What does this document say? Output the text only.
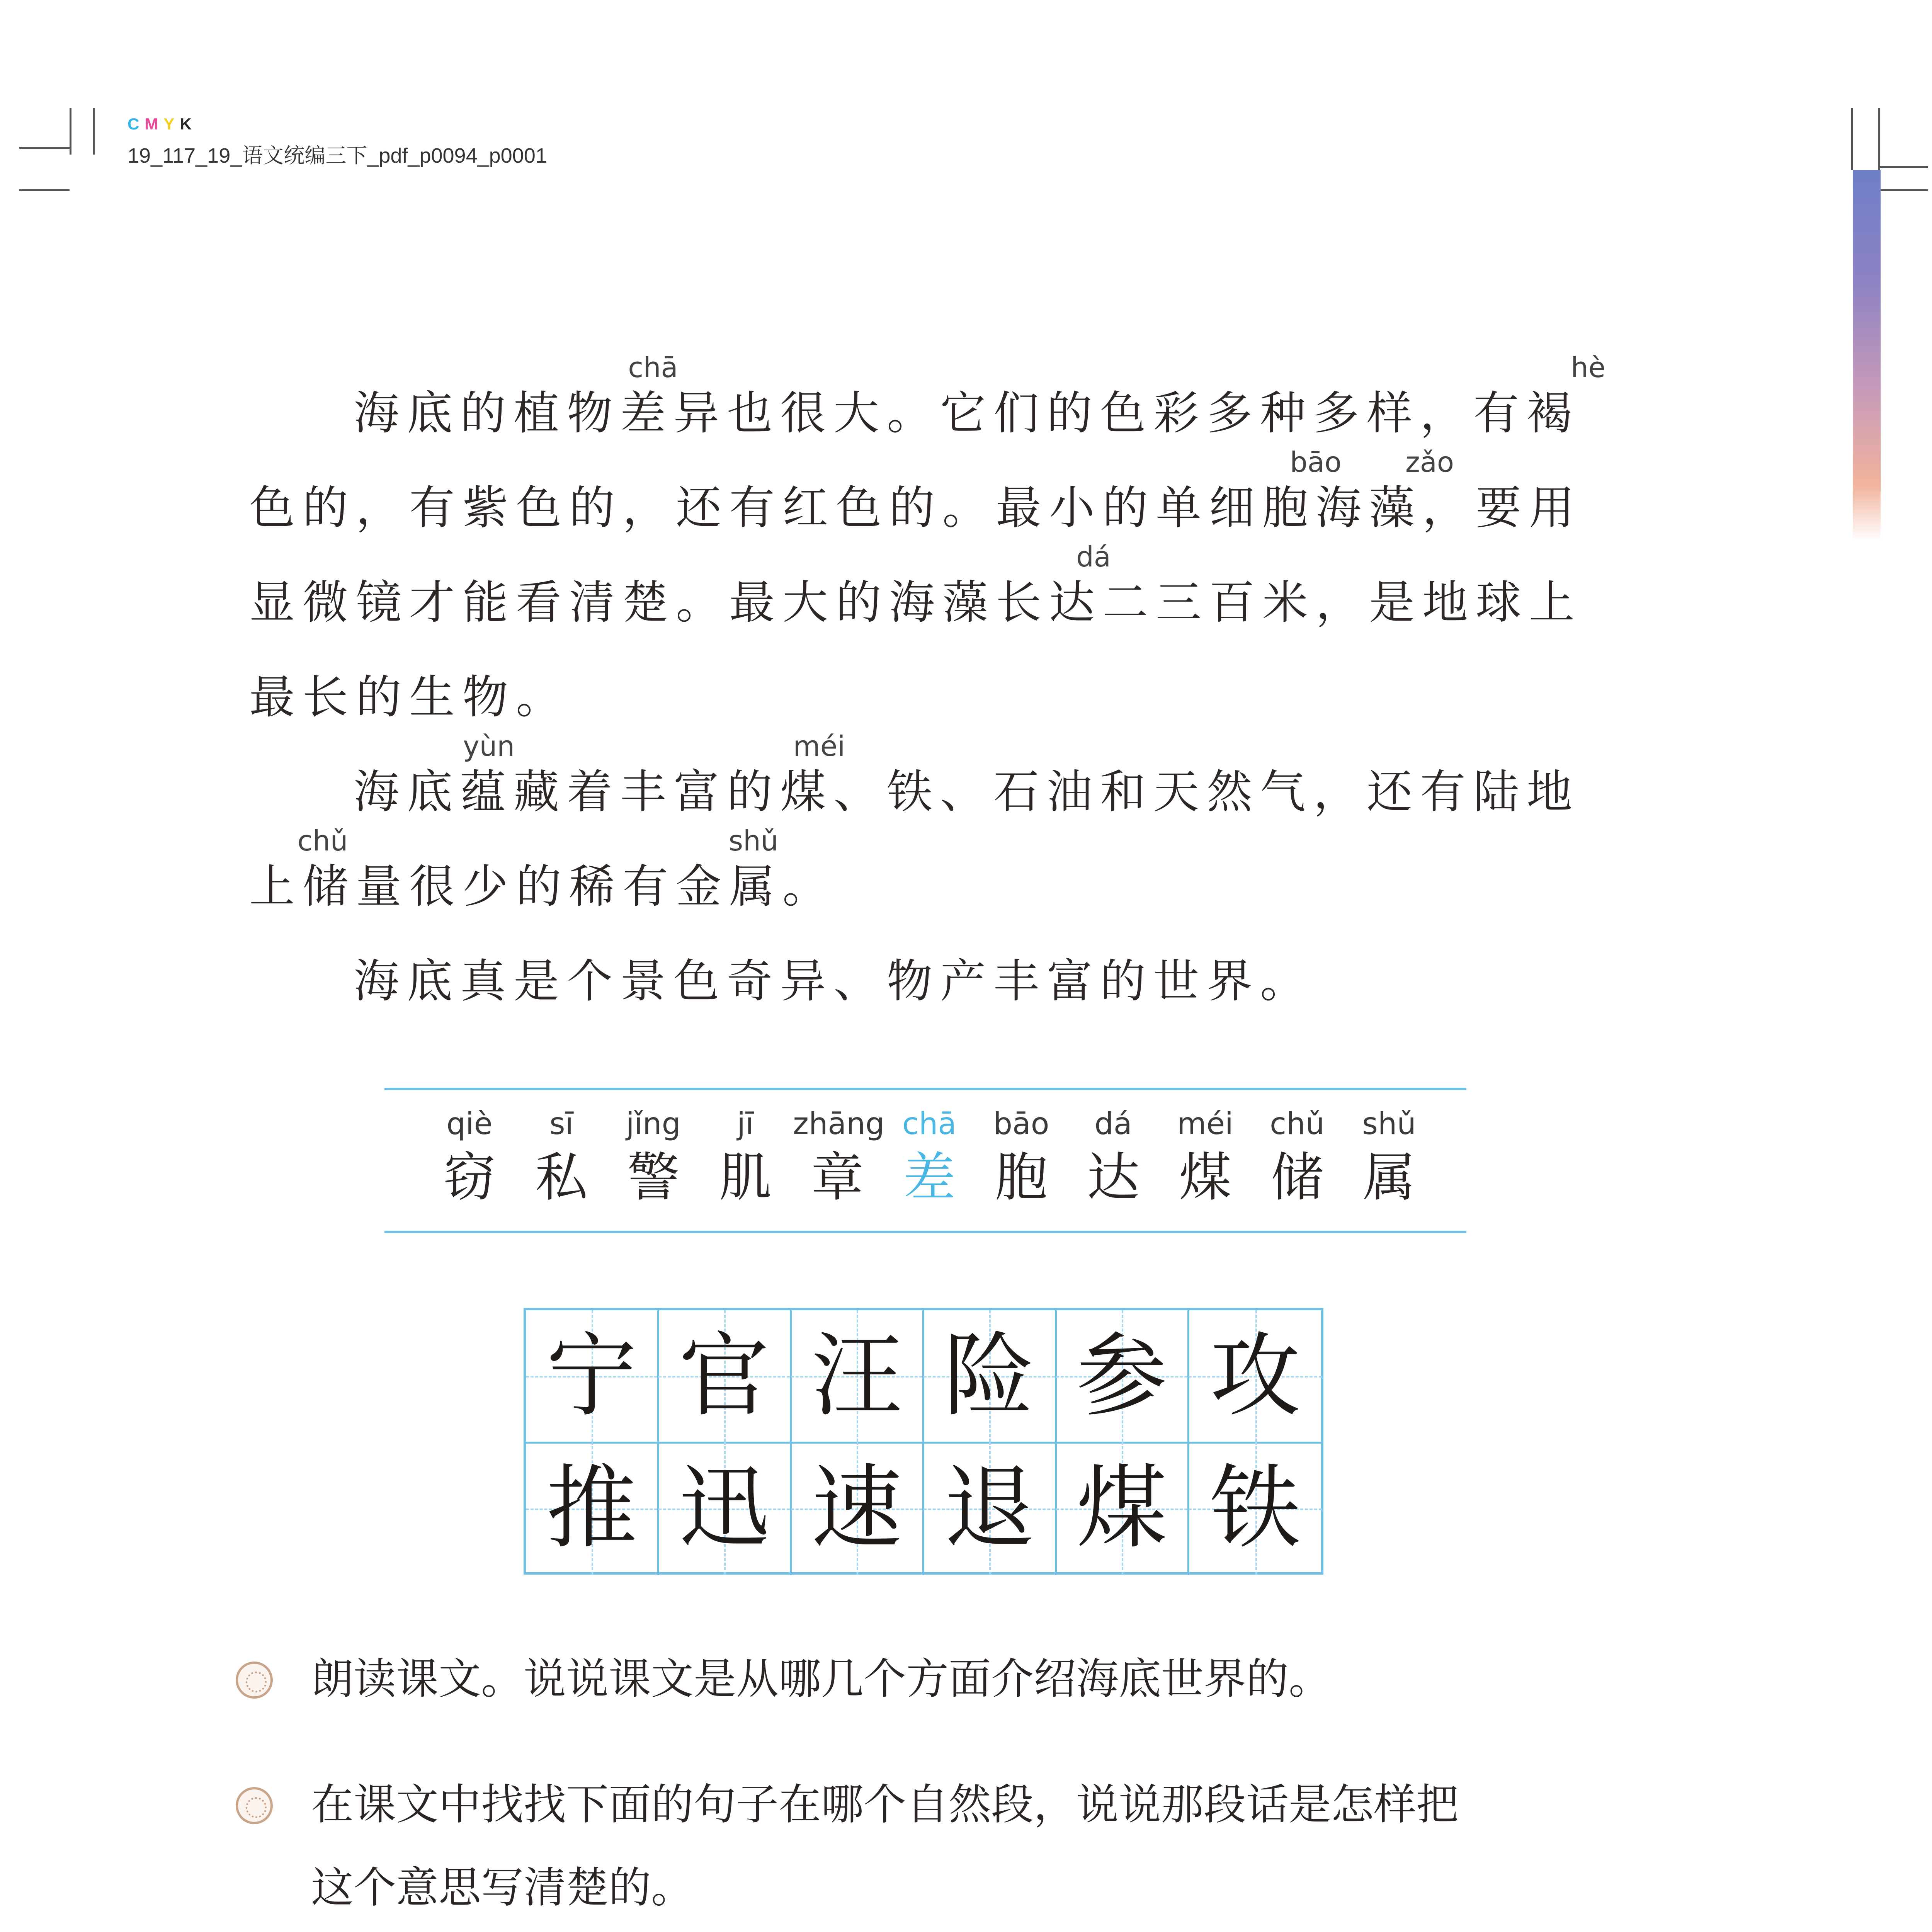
CMYK
19_117_19_语文统编三下_pdf_p0094_p0001
海底的植物差异也很大。它们的色彩多种多样，有褐
色的，有紫色的，还有红色的。最小的单细胞海藻，要用
显微镜才能看清楚。最大的海藻长达二三百米，是地球上
最长的生物。
chā	hè
bāo zǎo
dá
海底蕴藏着丰富的煤、铁、石油和天然气，还有陆地
上储量很少的稀有金属。
yùn	méi
chǔ	shǔ
海底真是个景色奇异、物产丰富的世界。
qiè
窃
sī
私
jǐng
警
jī
肌
zhāng
章
chā
差
bāo
胞
dá
达
méi
煤
chǔ
储
shǔ
属
宁 官 汪 险 参 攻
推 迅 速 退 煤 铁
朗读课文。说说课文是从哪几个方面介绍海底世界的。
在课文中找找下面的句子在哪个自然段，说说那段话是怎样把
这个意思写清楚的。
